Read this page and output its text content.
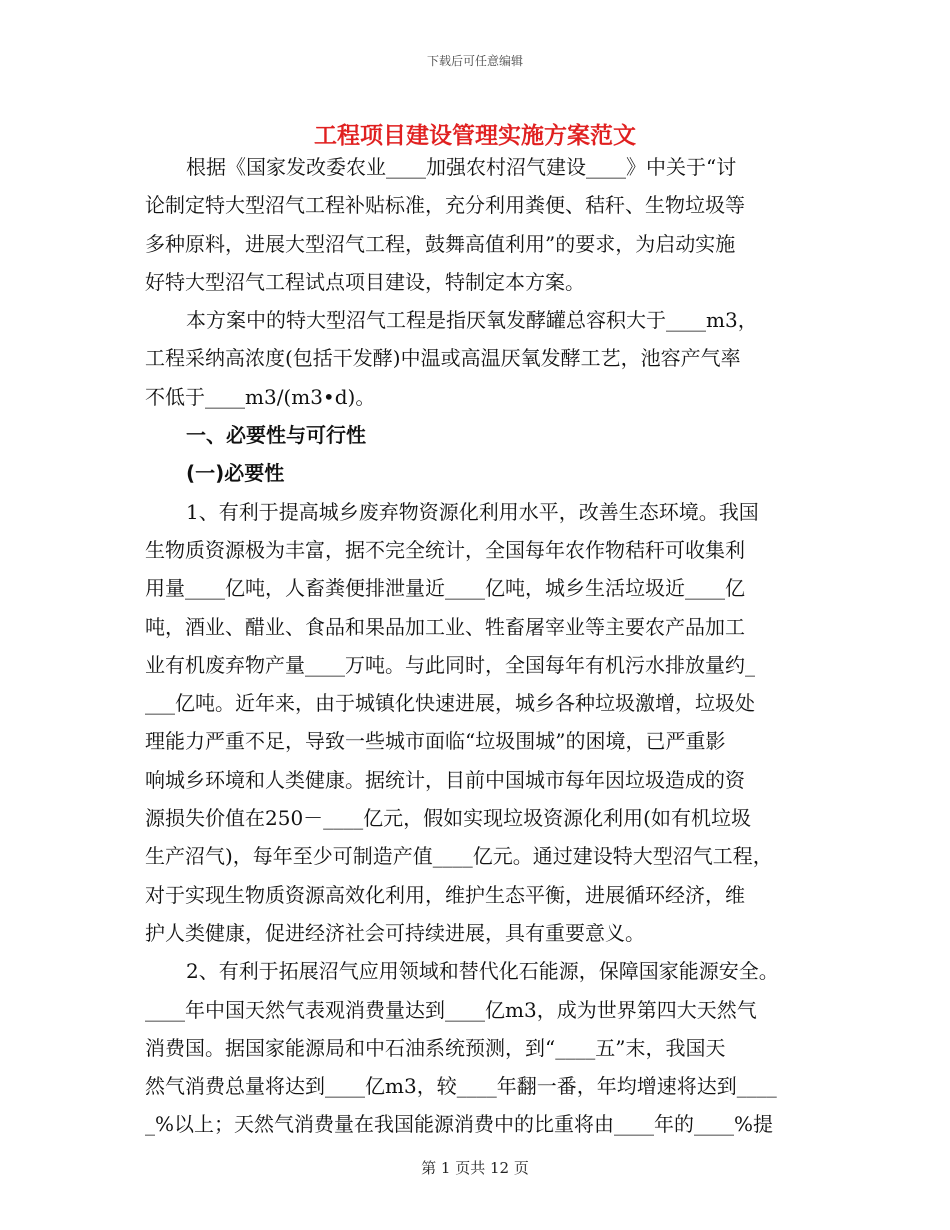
下载后可任意编辑
工程项目建设管理实施方案范文
根据《国家发改委农业____加强农村沼气建设____》中关于“讨
论制定特大型沼气工程补贴标准，充分利用粪便、秸秆、生物垃圾等
多种原料，进展大型沼气工程，鼓舞高值利用”的要求，为启动实施
好特大型沼气工程试点项目建设，特制定本方案。
本方案中的特大型沼气工程是指厌氧发酵罐总容积大于____m3，
工程采纳高浓度(包括干发酵)中温或高温厌氧发酵工艺，池容产气率
不低于____m3/(m3•d)。
一、必要性与可行性
(一)必要性
1、有利于提高城乡废弃物资源化利用水平，改善生态环境。我国
生物质资源极为丰富，据不完全统计，全国每年农作物秸秆可收集利
用量____亿吨，人畜粪便排泄量近____亿吨，城乡生活垃圾近____亿
吨，酒业、醋业、食品和果品加工业、牲畜屠宰业等主要农产品加工
业有机废弃物产量____万吨。与此同时，全国每年有机污水排放量约_
___亿吨。近年来，由于城镇化快速进展，城乡各种垃圾激增，垃圾处
理能力严重不足，导致一些城市面临“垃圾围城”的困境，已严重影
响城乡环境和人类健康。据统计，目前中国城市每年因垃圾造成的资
源损失价值在250－____亿元，假如实现垃圾资源化利用(如有机垃圾
生产沼气)，每年至少可制造产值____亿元。通过建设特大型沼气工程，
对于实现生物质资源高效化利用，维护生态平衡，进展循环经济，维
护人类健康，促进经济社会可持续进展，具有重要意义。
2、有利于拓展沼气应用领域和替代化石能源，保障国家能源安全。
____年中国天然气表观消费量达到____亿m3，成为世界第四大天然气
消费国。据国家能源局和中石油系统预测，到“____五”末，我国天
然气消费总量将达到____亿m3，较____年翻一番，年均增速将达到____
_%以上；天然气消费量在我国能源消费中的比重将由____年的____%提
第 1 页共 12 页
